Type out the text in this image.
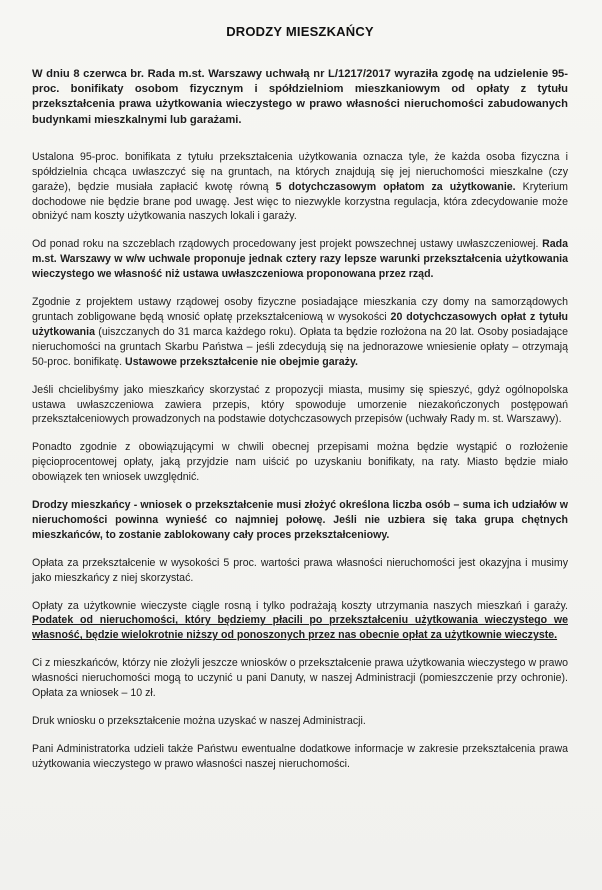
DRODZY MIESZKAŃCY

W dniu 8 czerwca br. Rada m.st. Warszawy uchwałą nr L/1217/2017 wyraziła zgodę na udzielenie 95-proc. bonifikaty osobom fizycznym i spółdzielniom mieszkaniowym od opłaty z tytułu przekształcenia prawa użytkowania wieczystego w prawo własności nieruchomości zabudowanych budynkami mieszkalnymi lub garażami.

Ustalona 95-proc. bonifikata z tytułu przekształcenia użytkowania oznacza tyle, że każda osoba fizyczna i spółdzielnia chcąca uwłaszczyć się na gruntach, na których znajdują się jej nieruchomości mieszkalne (czy garaże), będzie musiała zapłacić kwotę równą 5 dotychczasowym opłatom za użytkowanie. Kryterium dochodowe nie będzie brane pod uwagę. Jest więc to niezwykle korzystna regulacja, która zdecydowanie może obniżyć nam koszty użytkowania naszych lokali i garaży.

Od ponad roku na szczeblach rządowych procedowany jest projekt powszechnej ustawy uwłaszczeniowej. Rada m.st. Warszawy w w/w uchwale proponuje jednak cztery razy lepsze warunki przekształcenia użytkowania wieczystego we własność niż ustawa uwłaszczeniowa proponowana przez rząd.

Zgodnie z projektem ustawy rządowej osoby fizyczne posiadające mieszkania czy domy na samorządowych gruntach zobligowane będą wnosić opłatę przekształceniową w wysokości 20 dotychczasowych opłat z tytułu użytkowania (uiszczanych do 31 marca każdego roku). Opłata ta będzie rozłożona na 20 lat. Osoby posiadające nieruchomości na gruntach Skarbu Państwa – jeśli zdecydują się na jednorazowe wniesienie opłaty – otrzymają 50-proc. bonifikatę. Ustawowe przekształcenie nie obejmie garaży.

Jeśli chcielibyśmy jako mieszkańcy skorzystać z propozycji miasta, musimy się spieszyć, gdyż ogólnopolska ustawa uwłaszczeniowa zawiera przepis, który spowoduje umorzenie niezakończonych postępowań przekształceniowych prowadzonych na podstawie dotychczasowych przepisów (uchwały Rady m. st. Warszawy).

Ponadto zgodnie z obowiązującymi w chwili obecnej przepisami można będzie wystąpić o rozłożenie pięcioprocentowej opłaty, jaką przyjdzie nam uiścić po uzyskaniu bonifikaty, na raty. Miasto będzie miało obowiązek ten wniosek uwzględnić.

Drodzy mieszkańcy - wniosek o przekształcenie musi złożyć określona liczba osób – suma ich udziałów w nieruchomości powinna wynieść co najmniej połowę. Jeśli nie uzbiera się taka grupa chętnych mieszkańców, to zostanie zablokowany cały proces przekształceniowy.

Opłata za przekształcenie w wysokości 5 proc. wartości prawa własności nieruchomości jest okazyjna i musimy jako mieszkańcy z niej skorzystać.

Opłaty za użytkownie wieczyste ciągle rosną i tylko podrażają koszty utrzymania naszych mieszkań i garaży. Podatek od nieruchomości, który będziemy płacili po przekształceniu użytkowania wieczystego we własność, będzie wielokrotnie niższy od ponoszonych przez nas obecnie opłat za użytkownie wieczyste.

Ci z mieszkańców, którzy nie złożyli jeszcze wniosków o przekształcenie prawa użytkowania wieczystego w prawo własności nieruchomości mogą to uczynić u pani Danuty, w naszej Administracji (pomieszczenie przy ochronie). Opłata za wniosek – 10 zł.

Druk wniosku o przekształcenie można uzyskać w naszej Administracji.

Pani Administratorka udzieli także Państwu ewentualne dodatkowe informacje w zakresie przekształcenia prawa użytkowania wieczystego w prawo własności naszej nieruchomości.
